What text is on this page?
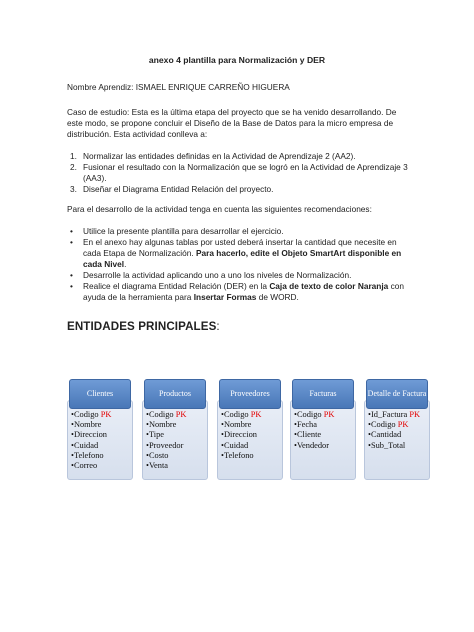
anexo 4 plantilla para Normalización y DER
Nombre Aprendiz: ISMAEL ENRIQUE CARREÑO HIGUERA
Caso de estudio: Esta es la última etapa del proyecto que se ha venido desarrollando. De este modo, se propone concluir el Diseño de la Base de Datos para la micro empresa de distribución. Esta actividad conlleva a:
1. Normalizar las entidades definidas en la Actividad de Aprendizaje 2 (AA2).
2. Fusionar el resultado con la Normalización que se logró en la Actividad de Aprendizaje 3 (AA3).
3. Diseñar el Diagrama Entidad Relación del proyecto.
Para el desarrollo de la actividad tenga en cuenta las siguientes recomendaciones:
• Utilice la presente plantilla para desarrollar el ejercicio.
• En el anexo hay algunas tablas por usted deberá insertar la cantidad que necesite en cada Etapa de Normalización. Para hacerlo, edite el Objeto SmartArt disponible en cada Nivel.
• Desarrolle la actividad aplicando uno a uno los niveles de Normalización.
• Realice el diagrama Entidad Relación (DER) en la Caja de texto de color Naranja con ayuda de la herramienta para Insertar Formas de WORD.
ENTIDADES PRINCIPALES:
Clientes
•Codigo PK
•Nombre
•Direccion
•Cuidad
•Telefono
•Correo
Productos
•Codigo PK
•Nombre
•Tipe
•Proveedor
•Costo
•Venta
Proveedores
•Codigo PK
•Nombre
•Direccion
•Cuidad
•Telefono
Facturas
•Codigo PK
•Fecha
•Cliente
•Vendedor
Detalle de Factura
•Id_Factura PK
•Codigo PK
•Cantidad
•Sub_Total
